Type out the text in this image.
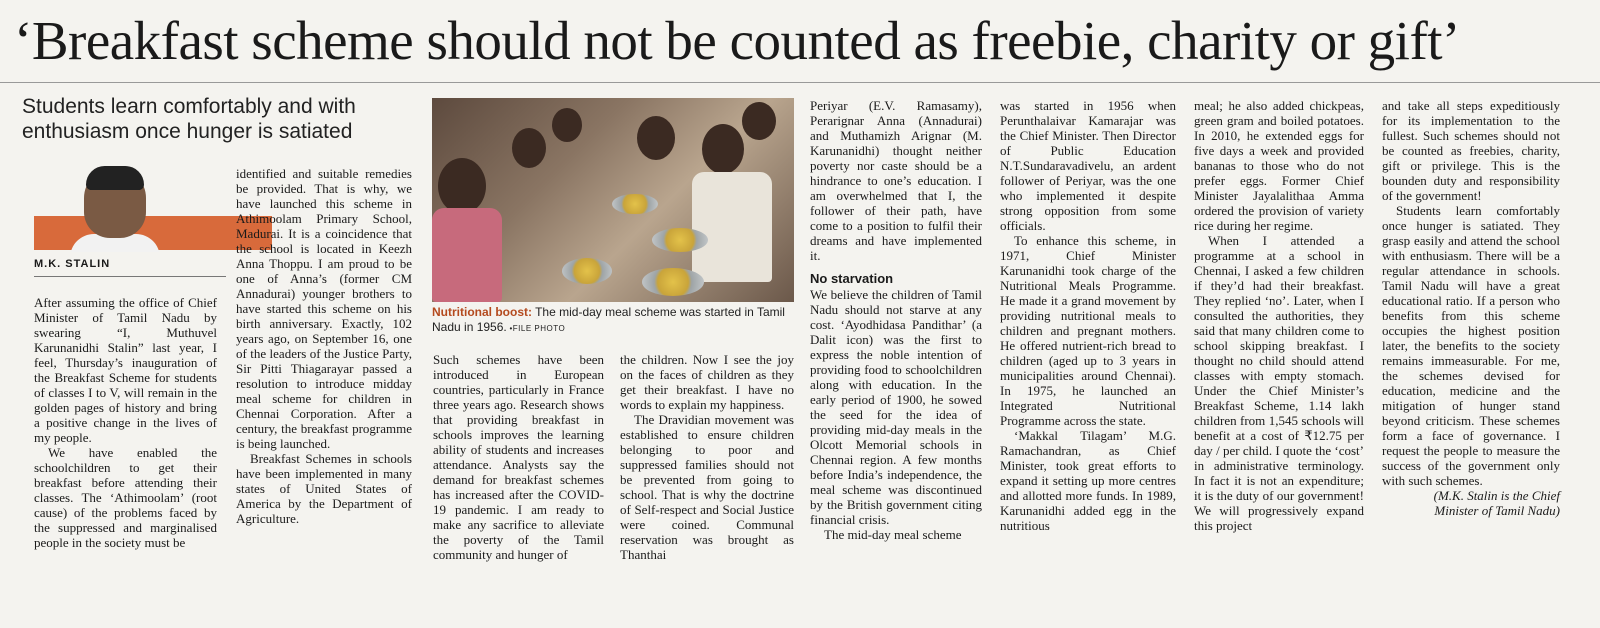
‘Breakfast scheme should not be counted as freebie, charity or gift’
Students learn comfortably and with enthusiasm once hunger is satiated
M.K. STALIN

After assuming the office of Chief Minister of Tamil Nadu by swearing “I, Muthuvel Karunanidhi Stalin” last year, I feel, Thursday’s inauguration of the Breakfast Scheme for students of classes I to V, will remain in the golden pages of history and bring a positive change in the lives of my people.

We have enabled the schoolchildren to get their breakfast before attending their classes. The ‘Athimoolam’ (root cause) of the problems faced by the suppressed and marginalised people in the society must be

identified and suitable remedies be provided. That is why, we have launched this scheme in Athimoolam Primary School, Madurai. It is a coincidence that the school is located in Keezh Anna Thoppu. I am proud to be one of Anna’s (former CM Annadurai) younger brothers to have started this scheme on his birth anniversary. Exactly, 102 years ago, on September 16, one of the leaders of the Justice Party, Sir Pitti Thiagarayar passed a resolution to introduce midday meal scheme for children in Chennai Corporation. After a century, the breakfast programme is being launched.

Breakfast Schemes in schools have been implemented in many states of United States of America by the Department of Agriculture.

Nutritional boost: The mid-day meal scheme was started in Tamil Nadu in 1956. •FILE PHOTO

Such schemes have been introduced in European countries, particularly in France three years ago. Research shows that providing breakfast in schools improves the learning ability of students and increases attendance. Analysts say the demand for breakfast schemes has increased after the COVID-19 pandemic. I am ready to make any sacrifice to alleviate the poverty of the Tamil community and hunger of

the children. Now I see the joy on the faces of children as they get their breakfast. I have no words to explain my happiness.

The Dravidian movement was established to ensure children belonging to poor and suppressed families should not be prevented from going to school. That is why the doctrine of Self-respect and Social Justice were coined. Communal reservation was brought as Thanthai

Periyar (E.V. Ramasamy), Perarignar Anna (Annadurai) and Muthamizh Arignar (M. Karunanidhi) thought neither poverty nor caste should be a hindrance to one’s education. I am overwhelmed that I, the follower of their path, have come to a position to fulfil their dreams and have implemented it.

No starvation

We believe the children of Tamil Nadu should not starve at any cost. ‘Ayodhidasa Pandithar’ (a Dalit icon) was the first to express the noble intention of providing food to schoolchildren along with education. In the early period of 1900, he sowed the seed for the idea of providing mid-day meals in the Olcott Memorial schools in Chennai region. A few months before India’s independence, the meal scheme was discontinued by the British government citing financial crisis.

The mid-day meal scheme

was started in 1956 when Perunthalaivar Kamarajar was the Chief Minister. Then Director of Public Education N.T.Sundaravadivelu, an ardent follower of Periyar, was the one who implemented it despite strong opposition from some officials.

To enhance this scheme, in 1971, Chief Minister Karunanidhi took charge of the Nutritional Meals Programme. He made it a grand movement by providing nutritional meals to children and pregnant mothers. He offered nutrient-rich bread to children (aged up to 3 years in municipalities around Chennai). In 1975, he launched an Integrated Nutritional Programme across the state.

‘Makkal Tilagam’ M.G. Ramachandran, as Chief Minister, took great efforts to expand it setting up more centres and allotted more funds. In 1989, Karunanidhi added egg in the nutritious

meal; he also added chickpeas, green gram and boiled potatoes. In 2010, he extended eggs for five days a week and provided bananas to those who do not prefer eggs. Former Chief Minister Jayalalithaa Amma ordered the provision of variety rice during her regime.

When I attended a programme at a school in Chennai, I asked a few children if they’d had their breakfast. They replied ‘no’. Later, when I consulted the authorities, they said that many children come to school skipping breakfast. I thought no child should attend classes with empty stomach. Under the Chief Minister’s Breakfast Scheme, 1.14 lakh children from 1,545 schools will benefit at a cost of ₹12.75 per day / per child. I quote the ‘cost’ in administrative terminology. In fact it is not an expenditure; it is the duty of our government! We will progressively expand this project

and take all steps expeditiously for its implementation to the fullest. Such schemes should not be counted as freebies, charity, gift or privilege. This is the bounden duty and responsibility of the government!

Students learn comfortably once hunger is satiated. They grasp easily and attend the school with enthusiasm. There will be a regular attendance in schools. Tamil Nadu will have a great educational ratio. If a person who benefits from this scheme occupies the highest position later, the benefits to the society remains immeasurable. For me, the schemes devised for education, medicine and the mitigation of hunger stand beyond criticism. These schemes form a face of governance. I request the people to measure the success of the government only with such schemes.

(M.K. Stalin is the Chief Minister of Tamil Nadu)
